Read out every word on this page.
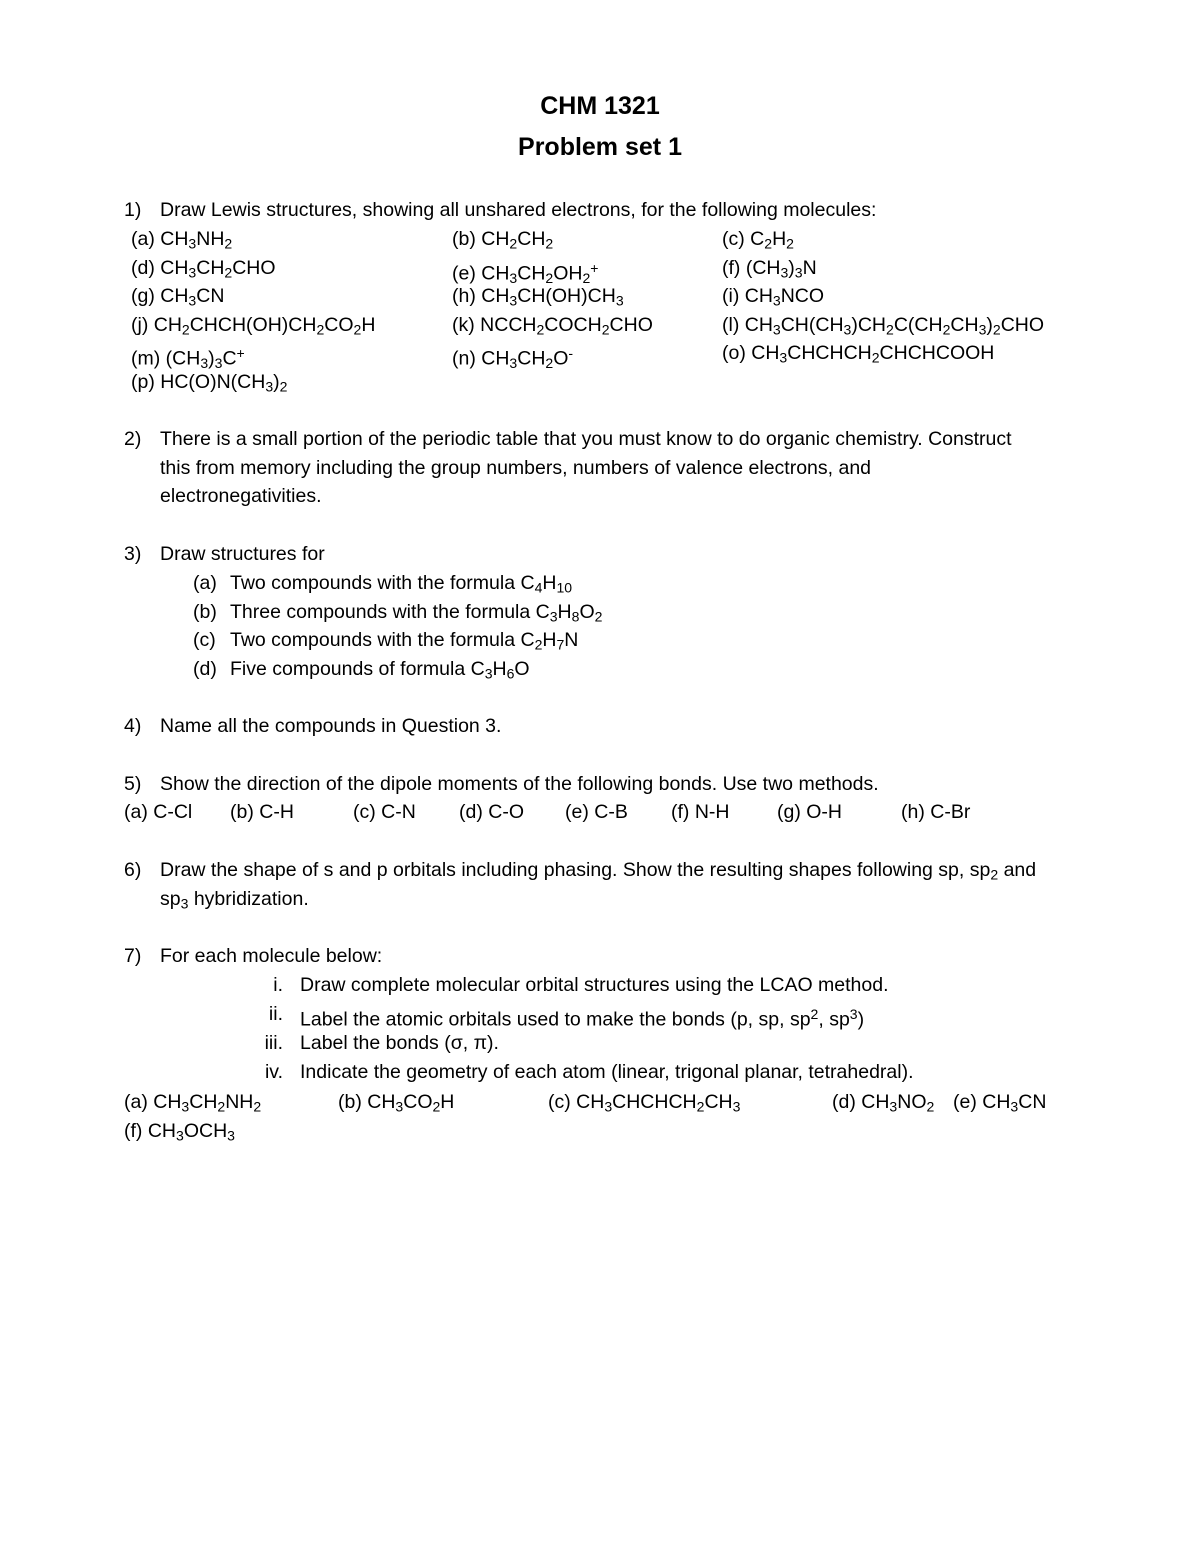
CHM 1321
Problem set 1
1) Draw Lewis structures, showing all unshared electrons, for the following molecules:
(a) $CH_3NH_2$	(b) $CH_2CH_2$	(c) $C_2H_2$
(d) $CH_3CH_2CHO$	(e) $CH_3CH_2OH_2^+$	(f) $(CH_3)_3N$
(g) $CH_3CN$	(h) $CH_3CH(OH)CH_3$	(i) $CH_3NCO$
(j) $CH_2CHCH(OH)CH_2CO_2H$	(k) $NCCH_2COCH_2CHO$	(l) $CH_3CH(CH_3)CH_2C(CH_2CH_3)_2CHO$
(m) $(CH_3)_3C^+$	(n) $CH_3CH_2O^-$	(o) $CH_3CHCHCH_2CHCHCOOH$
(p) $HC(O)N(CH_3)_2$
2) There is a small portion of the periodic table that you must know to do organic chemistry. Construct
this from memory including the group numbers, numbers of valence electrons, and
electronegativities.
3) Draw structures for
(a) Two compounds with the formula $C_4H_{10}$
(b) Three compounds with the formula $C_3H_8O_2$
(c) Two compounds with the formula $C_2H_7N$
(d) Five compounds of formula $C_3H_6O$
4) Name all the compounds in Question 3.
5) Show the direction of the dipole moments of the following bonds. Use two methods.
(a) C-Cl (b) C-H	(c) C-N (d) C-O (e) C-B (f) N-H (g) O-H	(h) C-Br
6) Draw the shape of s and p orbitals including phasing. Show the resulting shapes following sp, $sp_2$ and
$sp_3$ hybridization.
7) For each molecule below:
i. Draw complete molecular orbital structures using the LCAO method.
ii. Label the atomic orbitals used to make the bonds (p, sp, $sp^2$, $sp^3$)
iii. Label the bonds (σ, π).
iv. Indicate the geometry of each atom (linear, trigonal planar, tetrahedral).
(a) $CH_3CH_2NH_2$	(b) $CH_3CO_2H$	(c) $CH_3CHCHCH_2CH_3$	(d) $CH_3NO_2$ (e) $CH_3CN$
(f) $CH_3OCH_3$
